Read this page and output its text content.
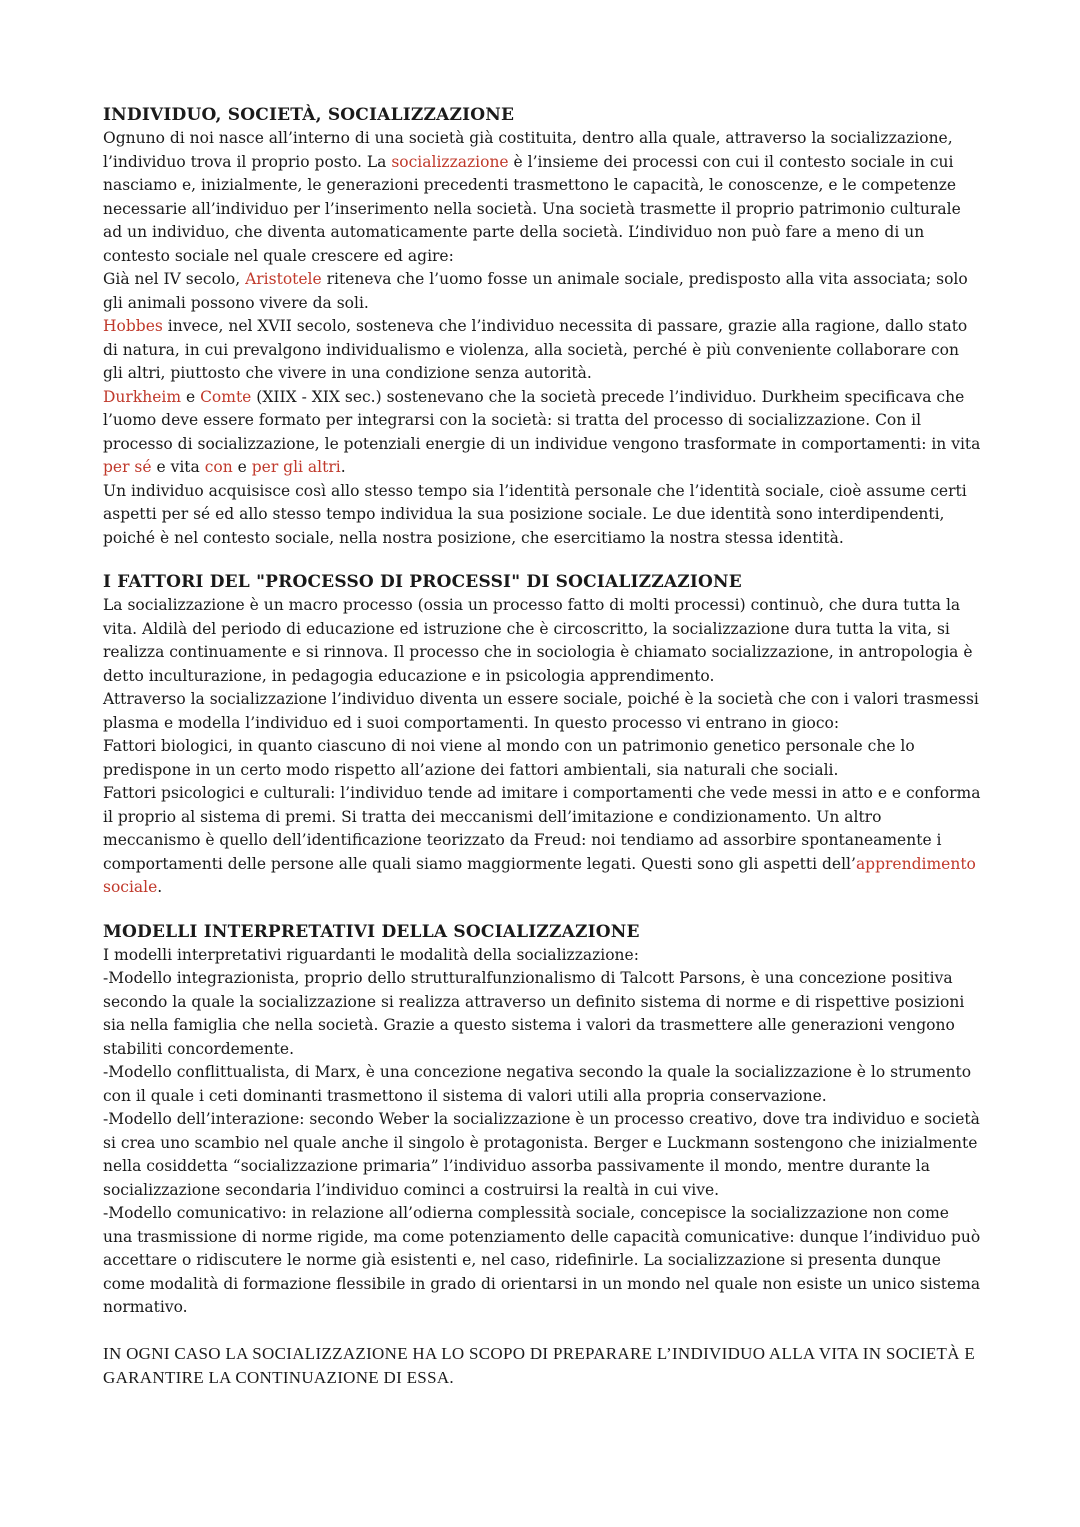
INDIVIDUO, SOCIETÀ, SOCIALIZZAZIONE

Ognuno di noi nasce all’interno di una società già costituita, dentro alla quale, attraverso la socializzazione, l’individuo trova il proprio posto. La socializzazione è l’insieme dei processi con cui il contesto sociale in cui nasciamo e, inizialmente, le generazioni precedenti trasmettono le capacità, le conoscenze, e le competenze necessarie all’individuo per l’inserimento nella società. Una società trasmette il proprio patrimonio culturale ad un individuo, che diventa automaticamente parte della società. L’individuo non può fare a meno di un contesto sociale nel quale crescere ed agire:

Già nel IV secolo, Aristotele riteneva che l’uomo fosse un animale sociale, predisposto alla vita associata; solo gli animali possono vivere da soli.

Hobbes invece, nel XVII secolo, sosteneva che l’individuo necessita di passare, grazie alla ragione, dallo stato di natura, in cui prevalgono individualismo e violenza, alla società, perché è più conveniente collaborare con gli altri, piuttosto che vivere in una condizione senza autorità.

Durkheim e Comte (XIIX - XIX sec.) sostenevano che la società precede l’individuo. Durkheim specificava che l’uomo deve essere formato per integrarsi con la società: si tratta del processo di socializzazione. Con il processo di socializzazione, le potenziali energie di un individue vengono trasformate in comportamenti: in vita per sé e vita con e per gli altri.

Un individuo acquisisce così allo stesso tempo sia l’identità personale che l’identità sociale, cioè assume certi aspetti per sé ed allo stesso tempo individua la sua posizione sociale. Le due identità sono interdipendenti, poiché è nel contesto sociale, nella nostra posizione, che esercitiamo la nostra stessa identità.

I FATTORI DEL "PROCESSO DI PROCESSI" DI SOCIALIZZAZIONE

La socializzazione è un macro processo (ossia un processo fatto di molti processi) continuò, che dura tutta la vita. Aldilà del periodo di educazione ed istruzione che è circoscritto, la socializzazione dura tutta la vita, si realizza continuamente e si rinnova. Il processo che in sociologia è chiamato socializzazione, in antropologia è detto inculturazione, in pedagogia educazione e in psicologia apprendimento.

Attraverso la socializzazione l’individuo diventa un essere sociale, poiché è la società che con i valori trasmessi plasma e modella l’individuo ed i suoi comportamenti. In questo processo vi entrano in gioco:

Fattori biologici, in quanto ciascuno di noi viene al mondo con un patrimonio genetico personale che lo predispone in un certo modo rispetto all’azione dei fattori ambientali, sia naturali che sociali.

Fattori psicologici e culturali: l’individuo tende ad imitare i comportamenti che vede messi in atto e e conforma il proprio al sistema di premi. Si tratta dei meccanismi dell’imitazione e condizionamento. Un altro meccanismo è quello dell’identificazione teorizzato da Freud: noi tendiamo ad assorbire spontaneamente i comportamenti delle persone alle quali siamo maggiormente legati. Questi sono gli aspetti dell’apprendimento sociale.

MODELLI INTERPRETATIVI DELLA SOCIALIZZAZIONE

I modelli interpretativi riguardanti le modalità della socializzazione:

-Modello integrazionista, proprio dello strutturalfunzionalismo di Talcott Parsons, è una concezione positiva secondo la quale la socializzazione si realizza attraverso un definito sistema di norme e di rispettive posizioni sia nella famiglia che nella società. Grazie a questo sistema i valori da trasmettere alle generazioni vengono stabiliti concordemente.

-Modello conflittualista, di Marx, è una concezione negativa secondo la quale la socializzazione è lo strumento con il quale i ceti dominanti trasmettono il sistema di valori utili alla propria conservazione.

-Modello dell’interazione: secondo Weber la socializzazione è un processo creativo, dove tra individuo e società si crea uno scambio nel quale anche il singolo è protagonista. Berger e Luckmann sostengono che inizialmente nella cosiddetta “socializzazione primaria” l’individuo assorba passivamente il mondo, mentre durante la socializzazione secondaria l’individuo cominci a costruirsi la realtà in cui vive.

-Modello comunicativo: in relazione all’odierna complessità sociale, concepisce la socializzazione non come una trasmissione di norme rigide, ma come potenziamento delle capacità comunicative: dunque l’individuo può accettare o ridiscutere le norme già esistenti e, nel caso, ridefinirle. La socializzazione si presenta dunque come modalità di formazione flessibile in grado di orientarsi in un mondo nel quale non esiste un unico sistema normativo.

IN OGNI CASO LA SOCIALIZZAZIONE HA LO SCOPO DI PREPARARE L’INDIVIDUO ALLA VITA IN SOCIETÀ E GARANTIRE LA CONTINUAZIONE DI ESSA.
